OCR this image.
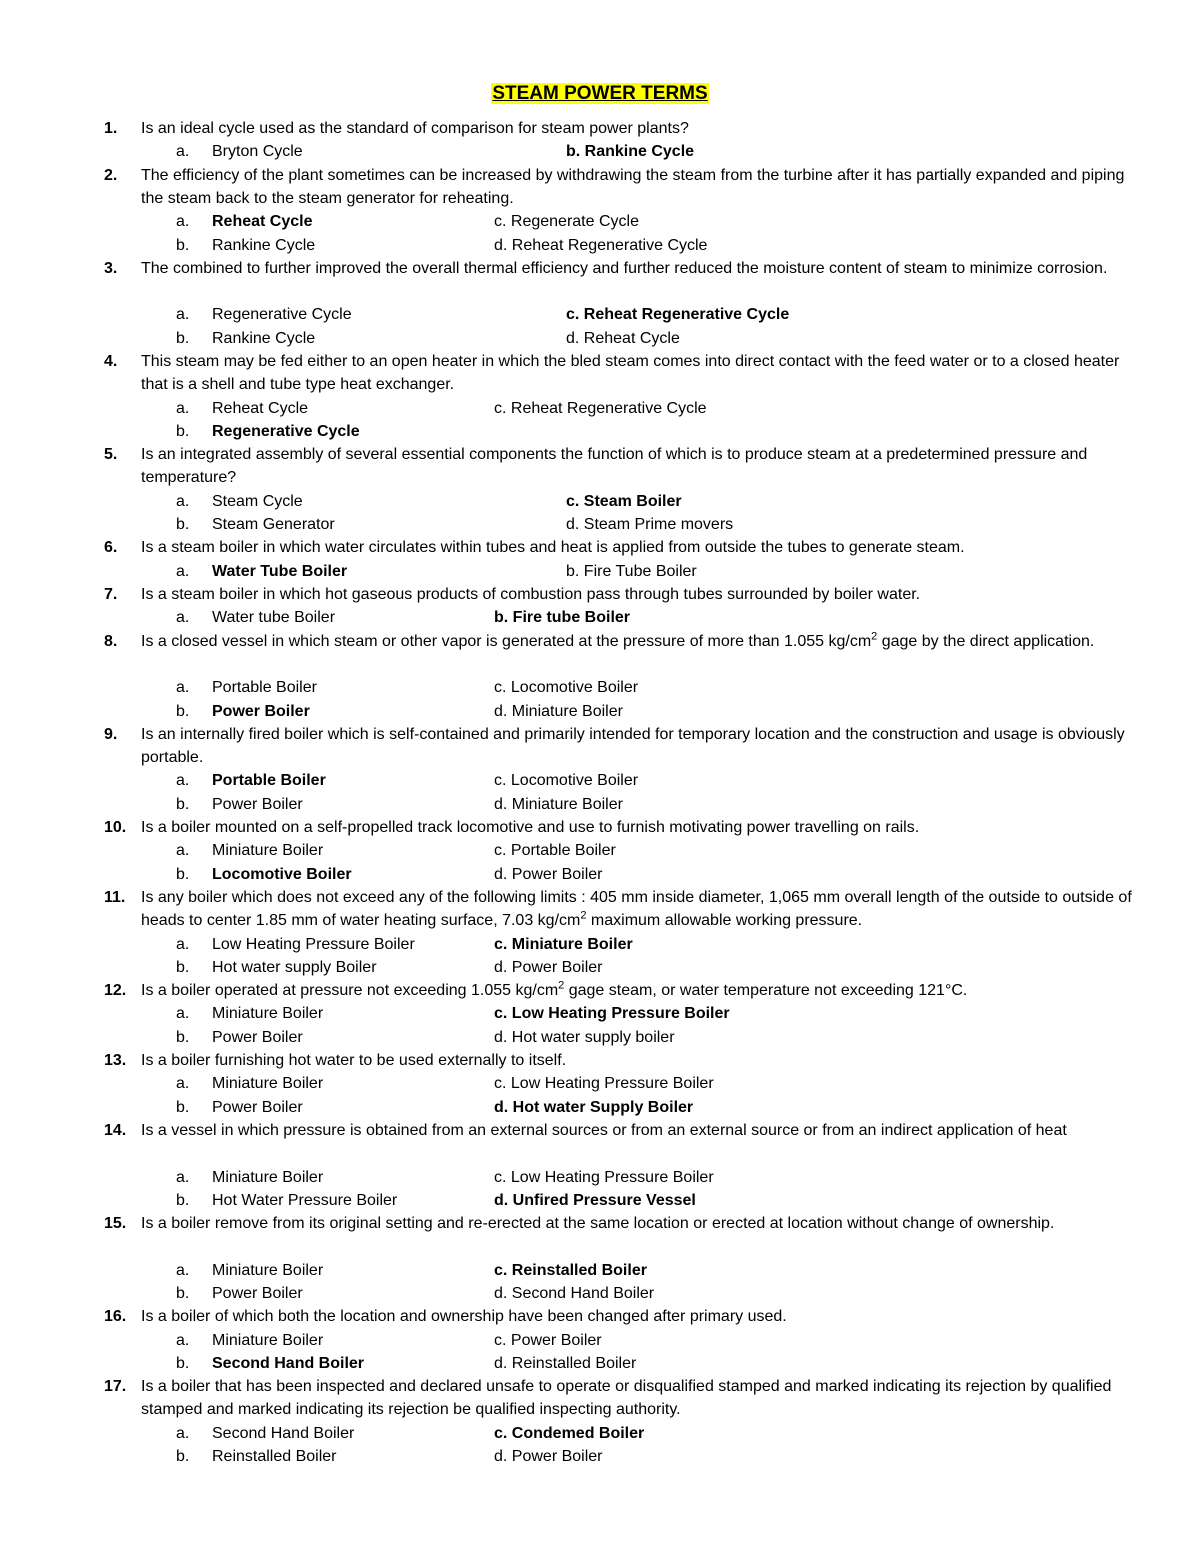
STEAM POWER TERMS
1.	Is an ideal cycle used as the standard of comparison for steam power plants?
a. Bryton Cycle	b. Rankine Cycle
2.	The efficiency of the plant sometimes can be increased by withdrawing the steam from the turbine after it has partially expanded and piping the steam back to the steam generator for reheating.
a. Reheat Cycle	c. Regenerate Cycle
b. Rankine Cycle	d. Reheat Regenerative Cycle
3.	The combined to further improved the overall thermal efficiency and further reduced the moisture content of steam to minimize corrosion.
a. Regenerative Cycle	c. Reheat Regenerative Cycle
b. Rankine Cycle	d. Reheat Cycle
4.	This steam may be fed either to an open heater in which the bled steam comes into direct contact with the feed water or to a closed heater that is a shell and tube type heat exchanger.
a. Reheat Cycle	c. Reheat Regenerative Cycle
b. Regenerative Cycle
5.	Is an integrated assembly of several essential components the function of which is to produce steam at a predetermined pressure and temperature?
a. Steam Cycle	c. Steam Boiler
b. Steam Generator	d. Steam Prime movers
6.	Is a steam boiler in which water circulates within tubes and heat is applied from outside the tubes to generate steam.
a. Water Tube Boiler	b. Fire Tube Boiler
7.	Is a steam boiler in which hot gaseous products of combustion pass through tubes surrounded by boiler water.
a. Water tube Boiler	b. Fire tube Boiler
8.	Is a closed vessel in which steam or other vapor is generated at the pressure of more than 1.055 $kg/cm^2$ gage by the direct application.
a. Portable Boiler	c. Locomotive Boiler
b. Power Boiler	d. Miniature Boiler
9.	Is an internally fired boiler which is self-contained and primarily intended for temporary location and the construction and usage is obviously portable.
a. Portable Boiler	c. Locomotive Boiler
b. Power Boiler	d. Miniature Boiler
10. Is a boiler mounted on a self-propelled track locomotive and use to furnish motivating power travelling on rails.
a. Miniature Boiler	c. Portable Boiler
b. Locomotive Boiler	d. Power Boiler
11. Is any boiler which does not exceed any of the following limits : 405 mm inside diameter, 1,065 mm overall length of the outside to outside of heads to center 1.85 mm of water heating surface, 7.03 $kg/cm^2$ maximum allowable working pressure.
a. Low Heating Pressure Boiler	c. Miniature Boiler
b. Hot water supply Boiler	d. Power Boiler
12. Is a boiler operated at pressure not exceeding 1.055 $kg/cm^2$ gage steam, or water temperature not exceeding 121°C.
a. Miniature Boiler	c. Low Heating Pressure Boiler
b. Power Boiler	d. Hot water supply boiler
13. Is a boiler furnishing hot water to be used externally to itself.
a. Miniature Boiler	c. Low Heating Pressure Boiler
b. Power Boiler	d. Hot water Supply Boiler
14. Is a vessel in which pressure is obtained from an external sources or from an external source or from an indirect application of heat
a. Miniature Boiler	c. Low Heating Pressure Boiler
b. Hot Water Pressure Boiler	d. Unfired Pressure Vessel
15. Is a boiler remove from its original setting and re-erected at the same location or erected at location without change of ownership.
a. Miniature Boiler	c. Reinstalled Boiler
b. Power Boiler	d. Second Hand Boiler
16. Is a boiler of which both the location and ownership have been changed after primary used.
a. Miniature Boiler	c. Power Boiler
b. Second Hand Boiler	d. Reinstalled Boiler
17. Is a boiler that has been inspected and declared unsafe to operate or disqualified stamped and marked indicating its rejection by qualified stamped and marked indicating its rejection be qualified inspecting authority.
a. Second Hand Boiler	c. Condemed Boiler
b. Reinstalled Boiler	d. Power Boiler
